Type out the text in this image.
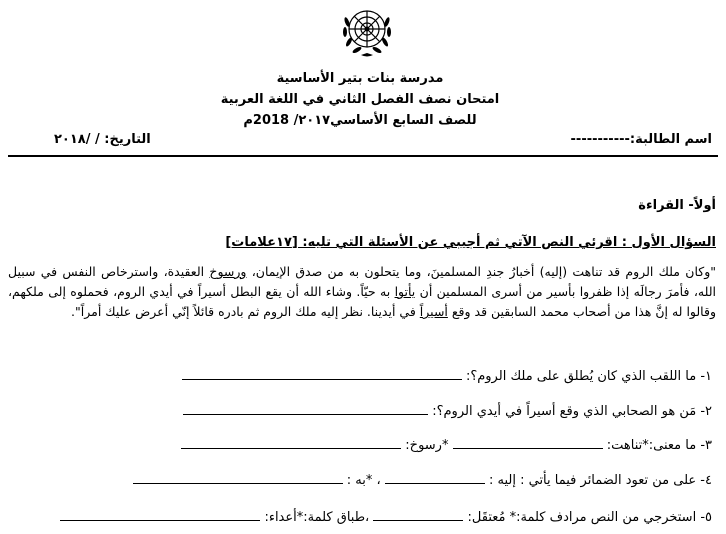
مدرسة بنات بتير الأساسية
امتحان نصف الفصل الثاني في اللغة العربية
للصف السابع الأساسي٢٠١٧/ 2018م
اسم الطالبة:-----------
التاريخ: / /٢٠١٨
أولاً- القراءة
السؤال الأول : اقرئي النص الآتي ثم أجيبي عن الأسئلة التي تليه: [١٧علامات]
"وكان ملك الروم قد تناهت (إليه) أخبارُ جندِ المسلمينَ، وما يتحلون به من صدق الإيمان، ورسوخ العقيدة، واسترخاص النفس في سبيل الله، فأمرَ رجالَه إذا ظفروا بأسير من أسرى المسلمين أن يأتوا به حيّاً. وشاء الله أن يقع البطل أسيراً في أيدي الروم، فحملوه إلى ملكهم، وقالوا له إنَّ هذا من أصحاب محمد السابقين قد وقع أسيراً في أيدينا. نظر إليه ملك الروم ثم بادره قائلاً إنّي أعرض عليك أمراً".
١- ما اللقب الذي كان يُطلق على ملك الروم؟:
٢- مَن هو الصحابي الذي وقع أسيراً في أيدي الروم؟:
٣- ما معنى:*تناهت:  *رسوخ:
٤- على من تعود الضمائر فيما يأتي : إليه :  ، *به :
٥- استخرجي من النص مرادف كلمة:* مُعتقَل:  ،طباق كلمة:*أعداء:
